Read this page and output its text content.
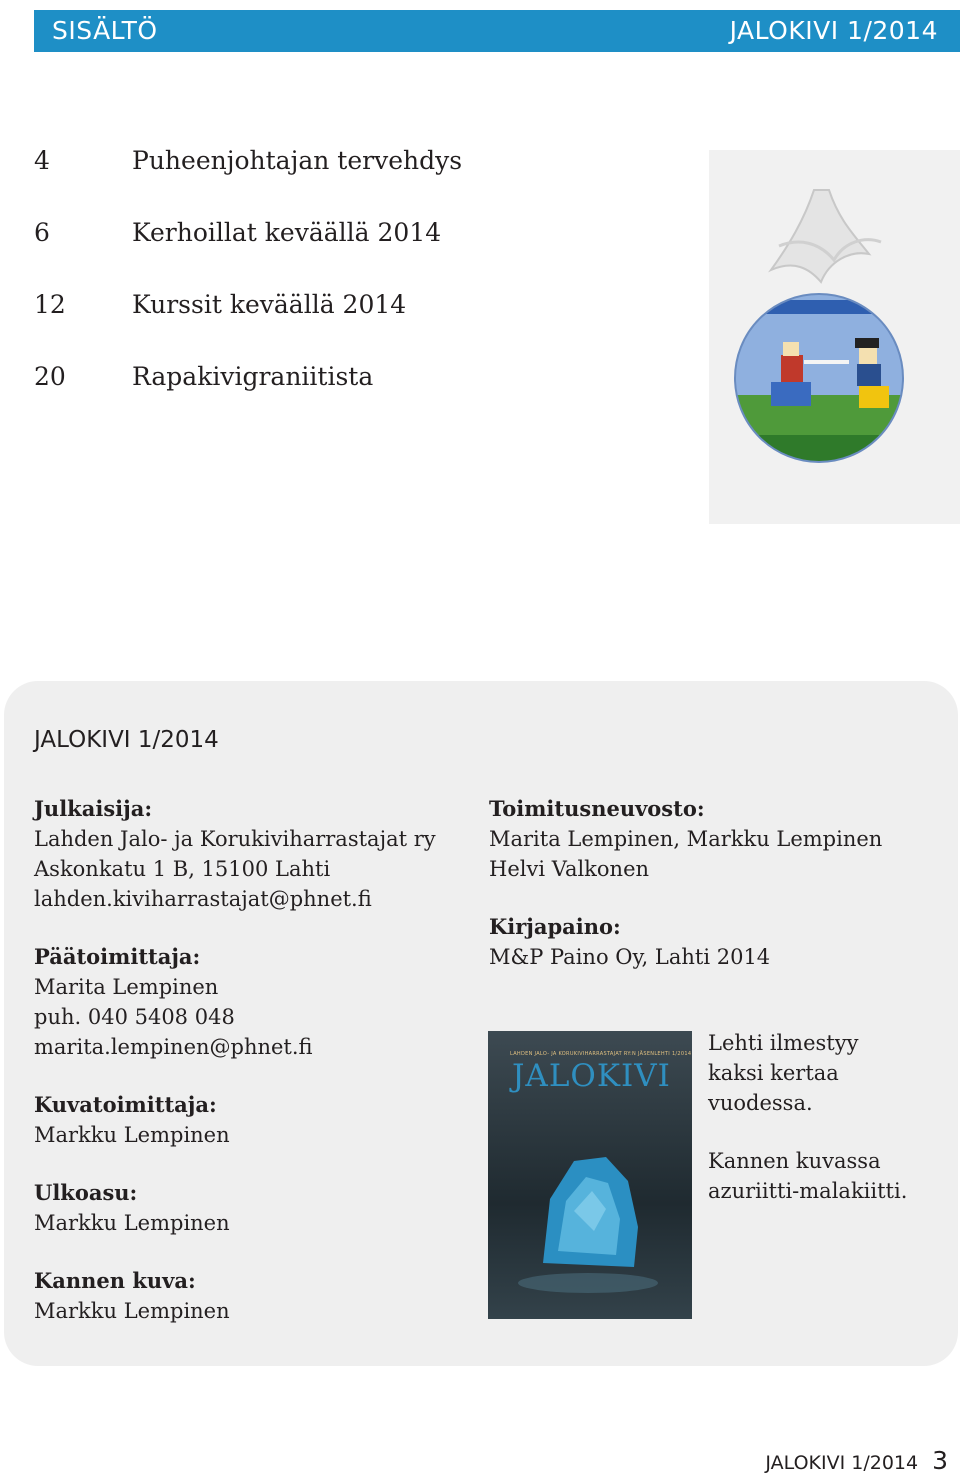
SISÄLTÖ	JALOKIVI 1/2014
4	Puheenjohtajan tervehdys
6	Kerhoillat keväällä 2014
12	Kurssit keväällä 2014
20	Rapakivigraniitista
JALOKIVI 1/2014
Julkaisija:
Lahden Jalo- ja Korukiviharrastajat ry
Askonkatu 1 B, 15100 Lahti
lahden.kiviharrastajat@phnet.fi
Päätoimittaja:
Marita Lempinen
puh. 040 5408 048
marita.lempinen@phnet.fi
Kuvatoimittaja:
Markku Lempinen
Ulkoasu:
Markku Lempinen
Kannen kuva:
Markku Lempinen
Toimitusneuvosto:
Marita Lempinen, Markku Lempinen
Helvi Valkonen
Kirjapaino:
M&P Paino Oy, Lahti 2014
LAHDEN JALO- JA KORUKIVIHARRASTAJAT RY:N JÄSENLEHTI 1/2014
JALOKIVI
Lehti ilmestyy
kaksi kertaa
vuodessa.
Kannen kuvassa
azuriitti-malakiitti.
JALOKIVI 1/2014 3
